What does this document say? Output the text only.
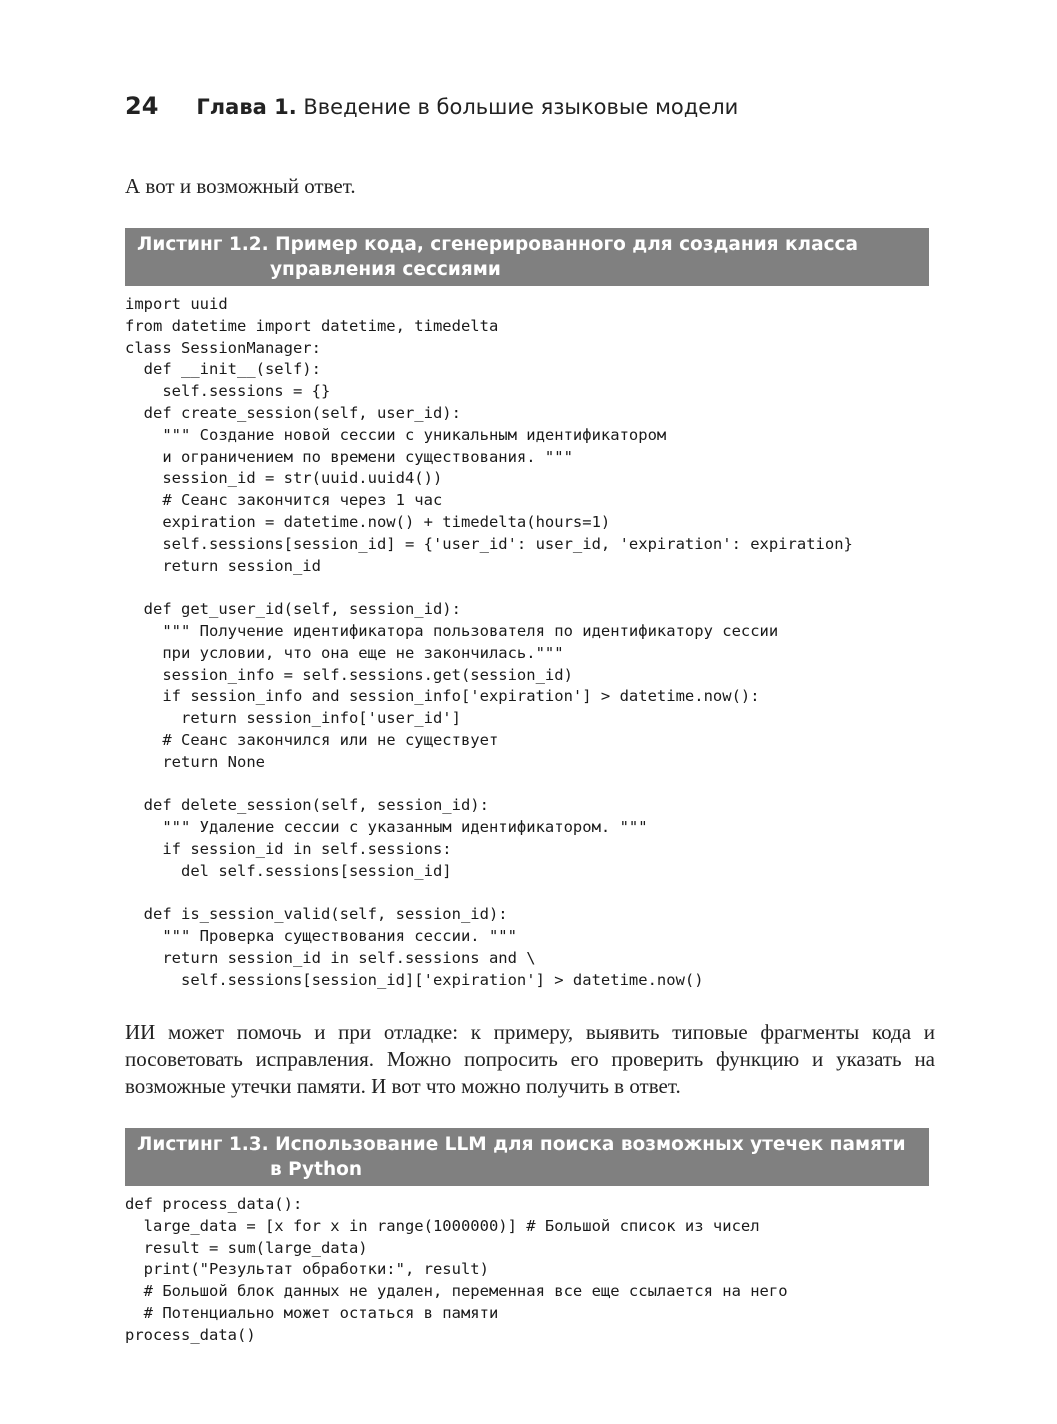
24 Глава 1. Введение в большие языковые модели

А вот и возможный ответ.

Листинг 1.2. Пример кода, сгенерированного для создания класса
управления сессиями
import uuid
from datetime import datetime, timedelta
class SessionManager:
def __init__(self):
self.sessions = {}
def create_session(self, user_id):
""" Создание новой сессии с уникальным идентификатором
и ограничением по времени существования. """
session_id = str(uuid.uuid4())
# Сеанс закончится через 1 час
expiration = datetime.now() + timedelta(hours=1)
self.sessions[session_id] = {'user_id': user_id, 'expiration': expiration}
return session_id

def get_user_id(self, session_id):
""" Получение идентификатора пользователя по идентификатору сессии
при условии, что она еще не закончилась."""
session_info = self.sessions.get(session_id)
if session_info and session_info['expiration'] > datetime.now():
return session_info['user_id']
# Сеанс закончился или не существует
return None

def delete_session(self, session_id):
""" Удаление сессии с указанным идентификатором. """
if session_id in self.sessions:
del self.sessions[session_id]

def is_session_valid(self, session_id):
""" Проверка существования сессии. """
return session_id in self.sessions and \
self.sessions[session_id]['expiration'] > datetime.now()

ИИ может помочь и при отладке: к примеру, выявить типовые фрагменты кода и посоветовать исправления. Можно попросить его проверить функцию и указать на возможные утечки памяти. И вот что можно получить в ответ.

Листинг 1.3. Использование LLM для поиска возможных утечек памяти
в Python
def process_data():
large_data = [x for x in range(1000000)] # Большой список из чисел
result = sum(large_data)
print("Результат обработки:", result)
# Большой блок данных не удален, переменная все еще ссылается на него
# Потенциально может остаться в памяти
process_data()
